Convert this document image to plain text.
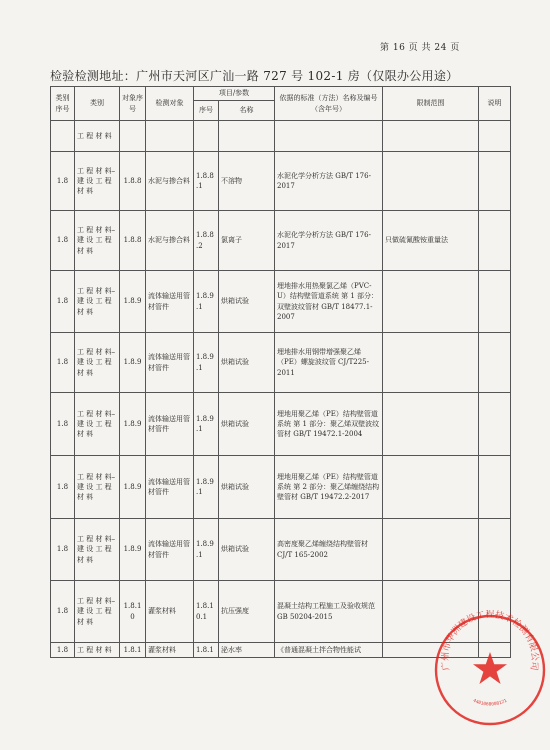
第 16 页 共 24 页
检验检测地址：广州市天河区广汕一路 727 号 102-1 房（仅限办公用途）
类别序号	类别	对象序号	检测对象	项目/参数		依据的标准（方法）名称及编号（含年号）	限制范围	说明
				序号	名称			
	工 程 材 料							
1.8	工 程 材 料–建 设 工 程 材 料	1.8.8	水泥与掺合料	1.8.8 .1	不溶物	水泥化学分析方法 GB/T 176-2017		
1.8	工 程 材 料–建 设 工 程 材 料	1.8.8	水泥与掺合料	1.8.8 .2	氯离子	水泥化学分析方法 GB/T 176-2017	只做硫氰酸铵重量法	
1.8	工 程 材 料–建 设 工 程 材 料	1.8.9	流体输送用管材管件	1.8.9 .1	烘箱试验	埋地排水用热聚氯乙烯（PVC-U）结构壁管道系统 第 1 部分：双壁波纹管材 GB/T 18477.1-2007		
1.8	工 程 材 料–建 设 工 程 材 料	1.8.9	流体输送用管材管件	1.8.9 .1	烘箱试验	埋地排水用钢带增强聚乙烯（PE）螺旋波纹管 CJ/T225-2011		
1.8	工 程 材 料–建 设 工 程 材 料	1.8.9	流体输送用管材管件	1.8.9 .1	烘箱试验	埋地用聚乙烯（PE）结构壁管道系统 第 1 部分：聚乙烯双壁波纹管材 GB/T 19472.1-2004		
1.8	工 程 材 料–建 设 工 程 材 料	1.8.9	流体输送用管材管件	1.8.9 .1	烘箱试验	埋地用聚乙烯（PE）结构壁管道系统 第 2 部分：聚乙烯缠绕结构壁管材 GB/T 19472.2-2017		
1.8	工 程 材 料–建 设 工 程 材 料	1.8.9	流体输送用管材管件	1.8.9 .1	烘箱试验	高密度聚乙烯缠绕结构壁管材 CJ/T 165-2002		
1.8	工 程 材 料–建 设 工 程 材 料	1.8.1 0	灌浆材料	1.8.1 0.1	抗压强度	混凝土结构工程施工及验收规范 GB 50204-2015		
1.8	工 程 材 料	1.8.1	灌浆材料	1.8.1	泌水率	《普通混凝土拌合物性能试		
广州市华洲建设工程技术检测有限公司
4401060008121
